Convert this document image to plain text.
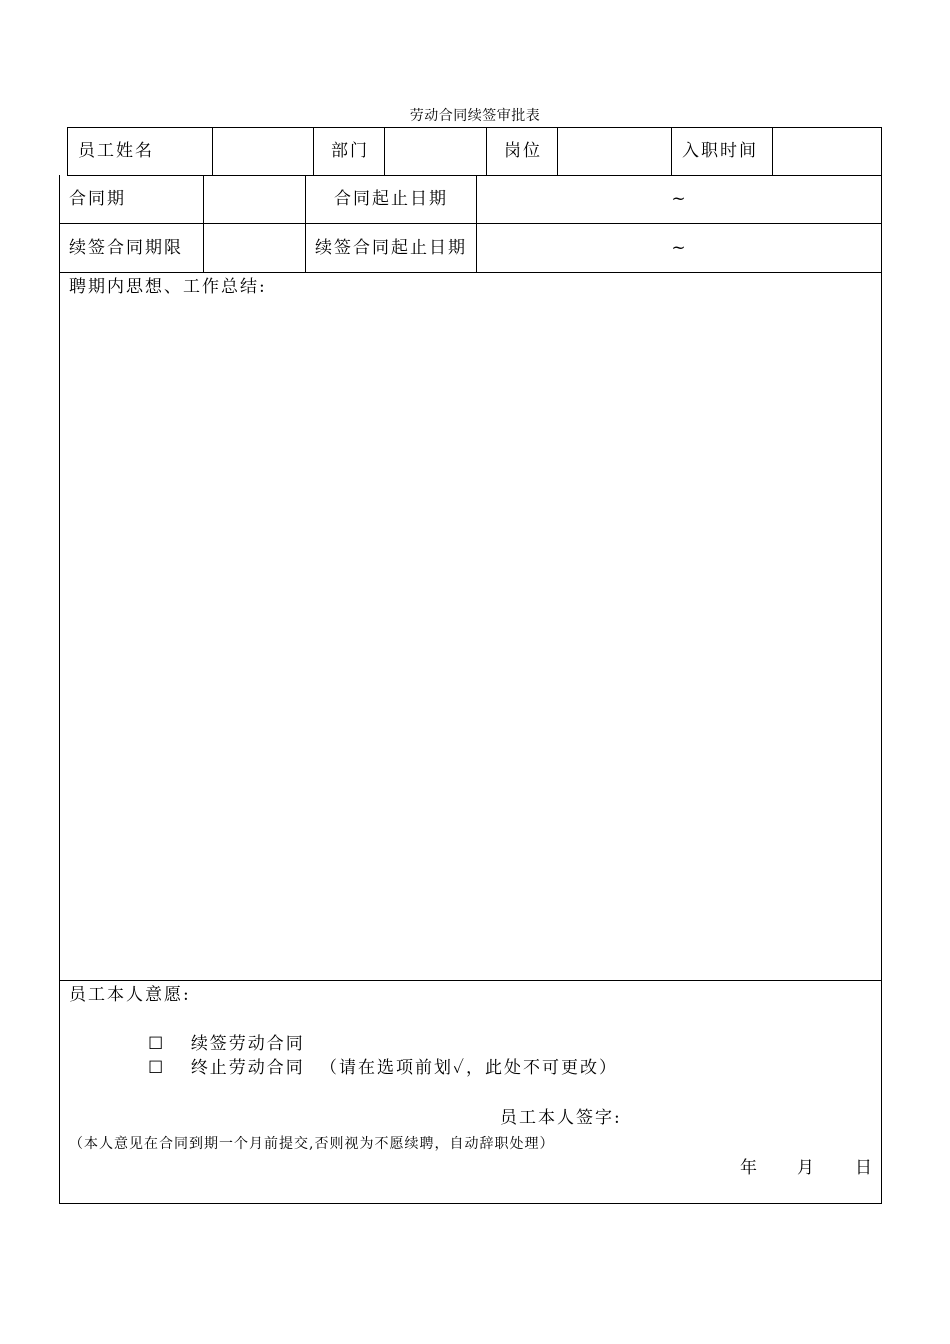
劳动合同续签审批表
员工姓名	部门	岗位	入职时间
合同期	合同起止日期	~
续签合同期限	续签合同起止日期	~
聘期内思想、工作总结:
员工本人意愿:
☐ 续签劳动合同
☐ 终止劳动合同 （请在选项前划✓，此处不可更改）
员工本人签字:
（本人意见在合同到期一个月前提交,否则视为不愿续聘，自动辞职处理）
年 月 日
